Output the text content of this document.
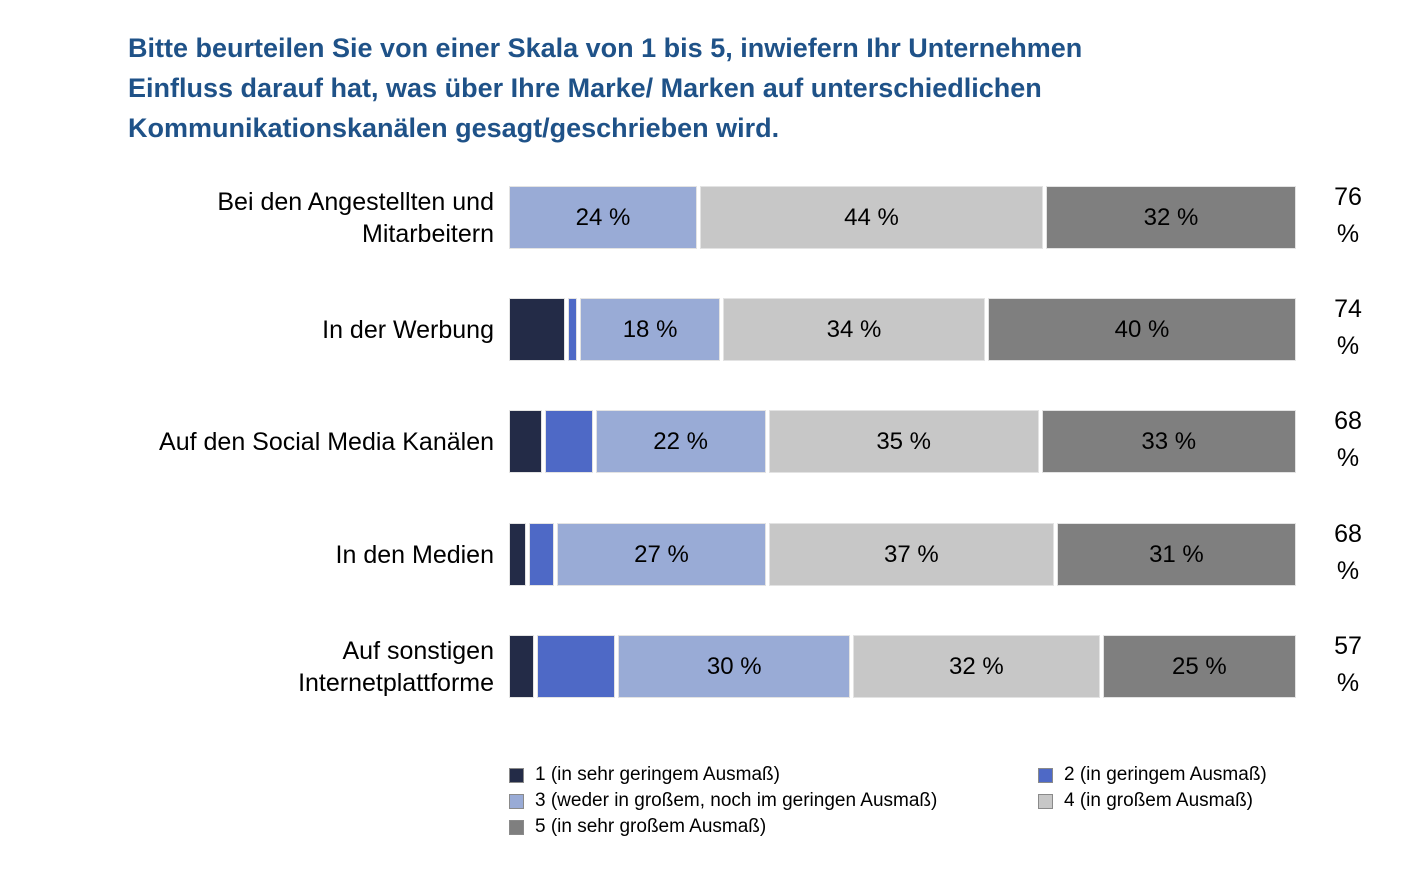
Bitte beurteilen Sie von einer Skala von 1 bis 5, inwiefern Ihr Unternehmen
Einfluss darauf hat, was über Ihre Marke/ Marken auf unterschiedlichen
Kommunikationskanälen gesagt/geschrieben wird.
Bei den Angestellten und
Mitarbeitern
24 %	44 %	32 %
76
%
In der Werbung	18 %	34 %	40 %
74
%
Auf den Social Media Kanälen	22 %	35 %	33 %
68
%
In den Medien	27 %	37 %	31 %
68
%
Auf sonstigen
Internetplattforme
30 %	32 %	25 %
57
%
1 (in sehr geringem Ausmaß)
3 (weder in großem, noch im geringen Ausmaß)
5 (in sehr großem Ausmaß)
2 (in geringem Ausmaß)
4 (in großem Ausmaß)
